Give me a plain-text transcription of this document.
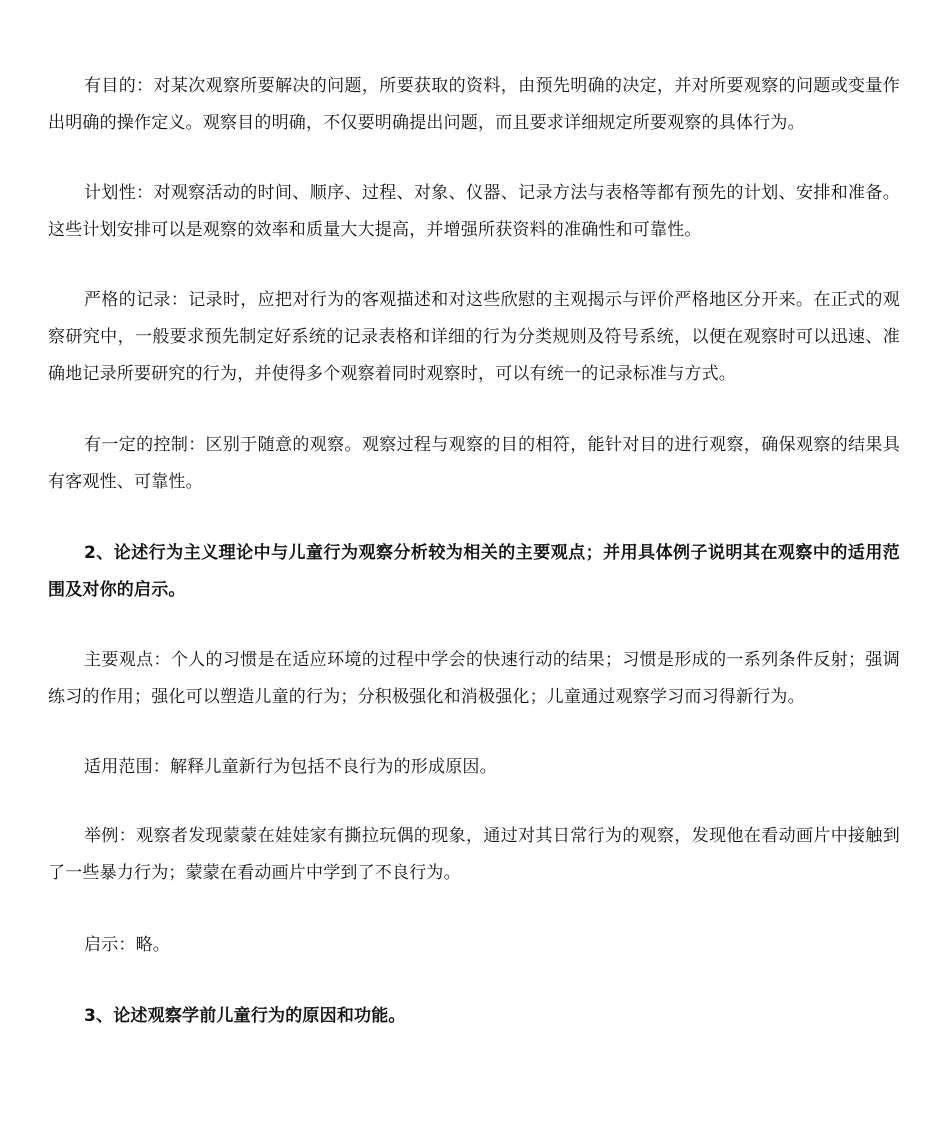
有目的：对某次观察所要解决的问题，所要获取的资料，由预先明确的决定，并对所要观察的问题或变量作出明确的操作定义。观察目的明确，不仅要明确提出问题，而且要求详细规定所要观察的具体行为。

计划性：对观察活动的时间、顺序、过程、对象、仪器、记录方法与表格等都有预先的计划、安排和准备。这些计划安排可以是观察的效率和质量大大提高，并增强所获资料的准确性和可靠性。

严格的记录：记录时，应把对行为的客观描述和对这些欣慰的主观揭示与评价严格地区分开来。在正式的观察研究中，一般要求预先制定好系统的记录表格和详细的行为分类规则及符号系统，以便在观察时可以迅速、准确地记录所要研究的行为，并使得多个观察着同时观察时，可以有统一的记录标准与方式。

有一定的控制：区别于随意的观察。观察过程与观察的目的相符，能针对目的进行观察，确保观察的结果具有客观性、可靠性。

2、论述行为主义理论中与儿童行为观察分析较为相关的主要观点；并用具体例子说明其在观察中的适用范围及对你的启示。

主要观点：个人的习惯是在适应环境的过程中学会的快速行动的结果；习惯是形成的一系列条件反射；强调练习的作用；强化可以塑造儿童的行为；分积极强化和消极强化；儿童通过观察学习而习得新行为。

适用范围：解释儿童新行为包括不良行为的形成原因。

举例：观察者发现蒙蒙在娃娃家有撕拉玩偶的现象，通过对其日常行为的观察，发现他在看动画片中接触到了一些暴力行为；蒙蒙在看动画片中学到了不良行为。

启示：略。

3、论述观察学前儿童行为的原因和功能。
